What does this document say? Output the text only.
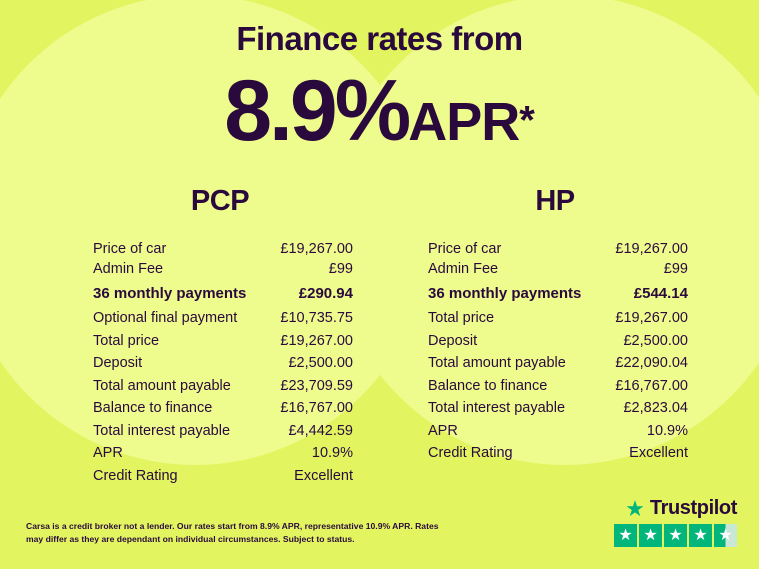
Finance rates from
8.9%APR*
PCP
Price of car	£19,267.00
Admin Fee	£99
36 monthly payments	£290.94
Optional final payment	£10,735.75
Total price	£19,267.00
Deposit	£2,500.00
Total amount payable	£23,709.59
Balance to finance	£16,767.00
Total interest payable	£4,442.59
APR	10.9%
Credit Rating	Excellent
HP
Price of car	£19,267.00
Admin Fee	£99
36 monthly payments	£544.14
Total price	£19,267.00
Deposit	£2,500.00
Total amount payable	£22,090.04
Balance to finance	£16,767.00
Total interest payable	£2,823.04
APR	10.9%
Credit Rating	Excellent
Carsa is a credit broker not a lender. Our rates start from 8.9% APR, representative 10.9% APR. Rates may differ as they are dependant on individual circumstances. Subject to status.
★ Trustpilot
★ ★ ★ ★ ★
